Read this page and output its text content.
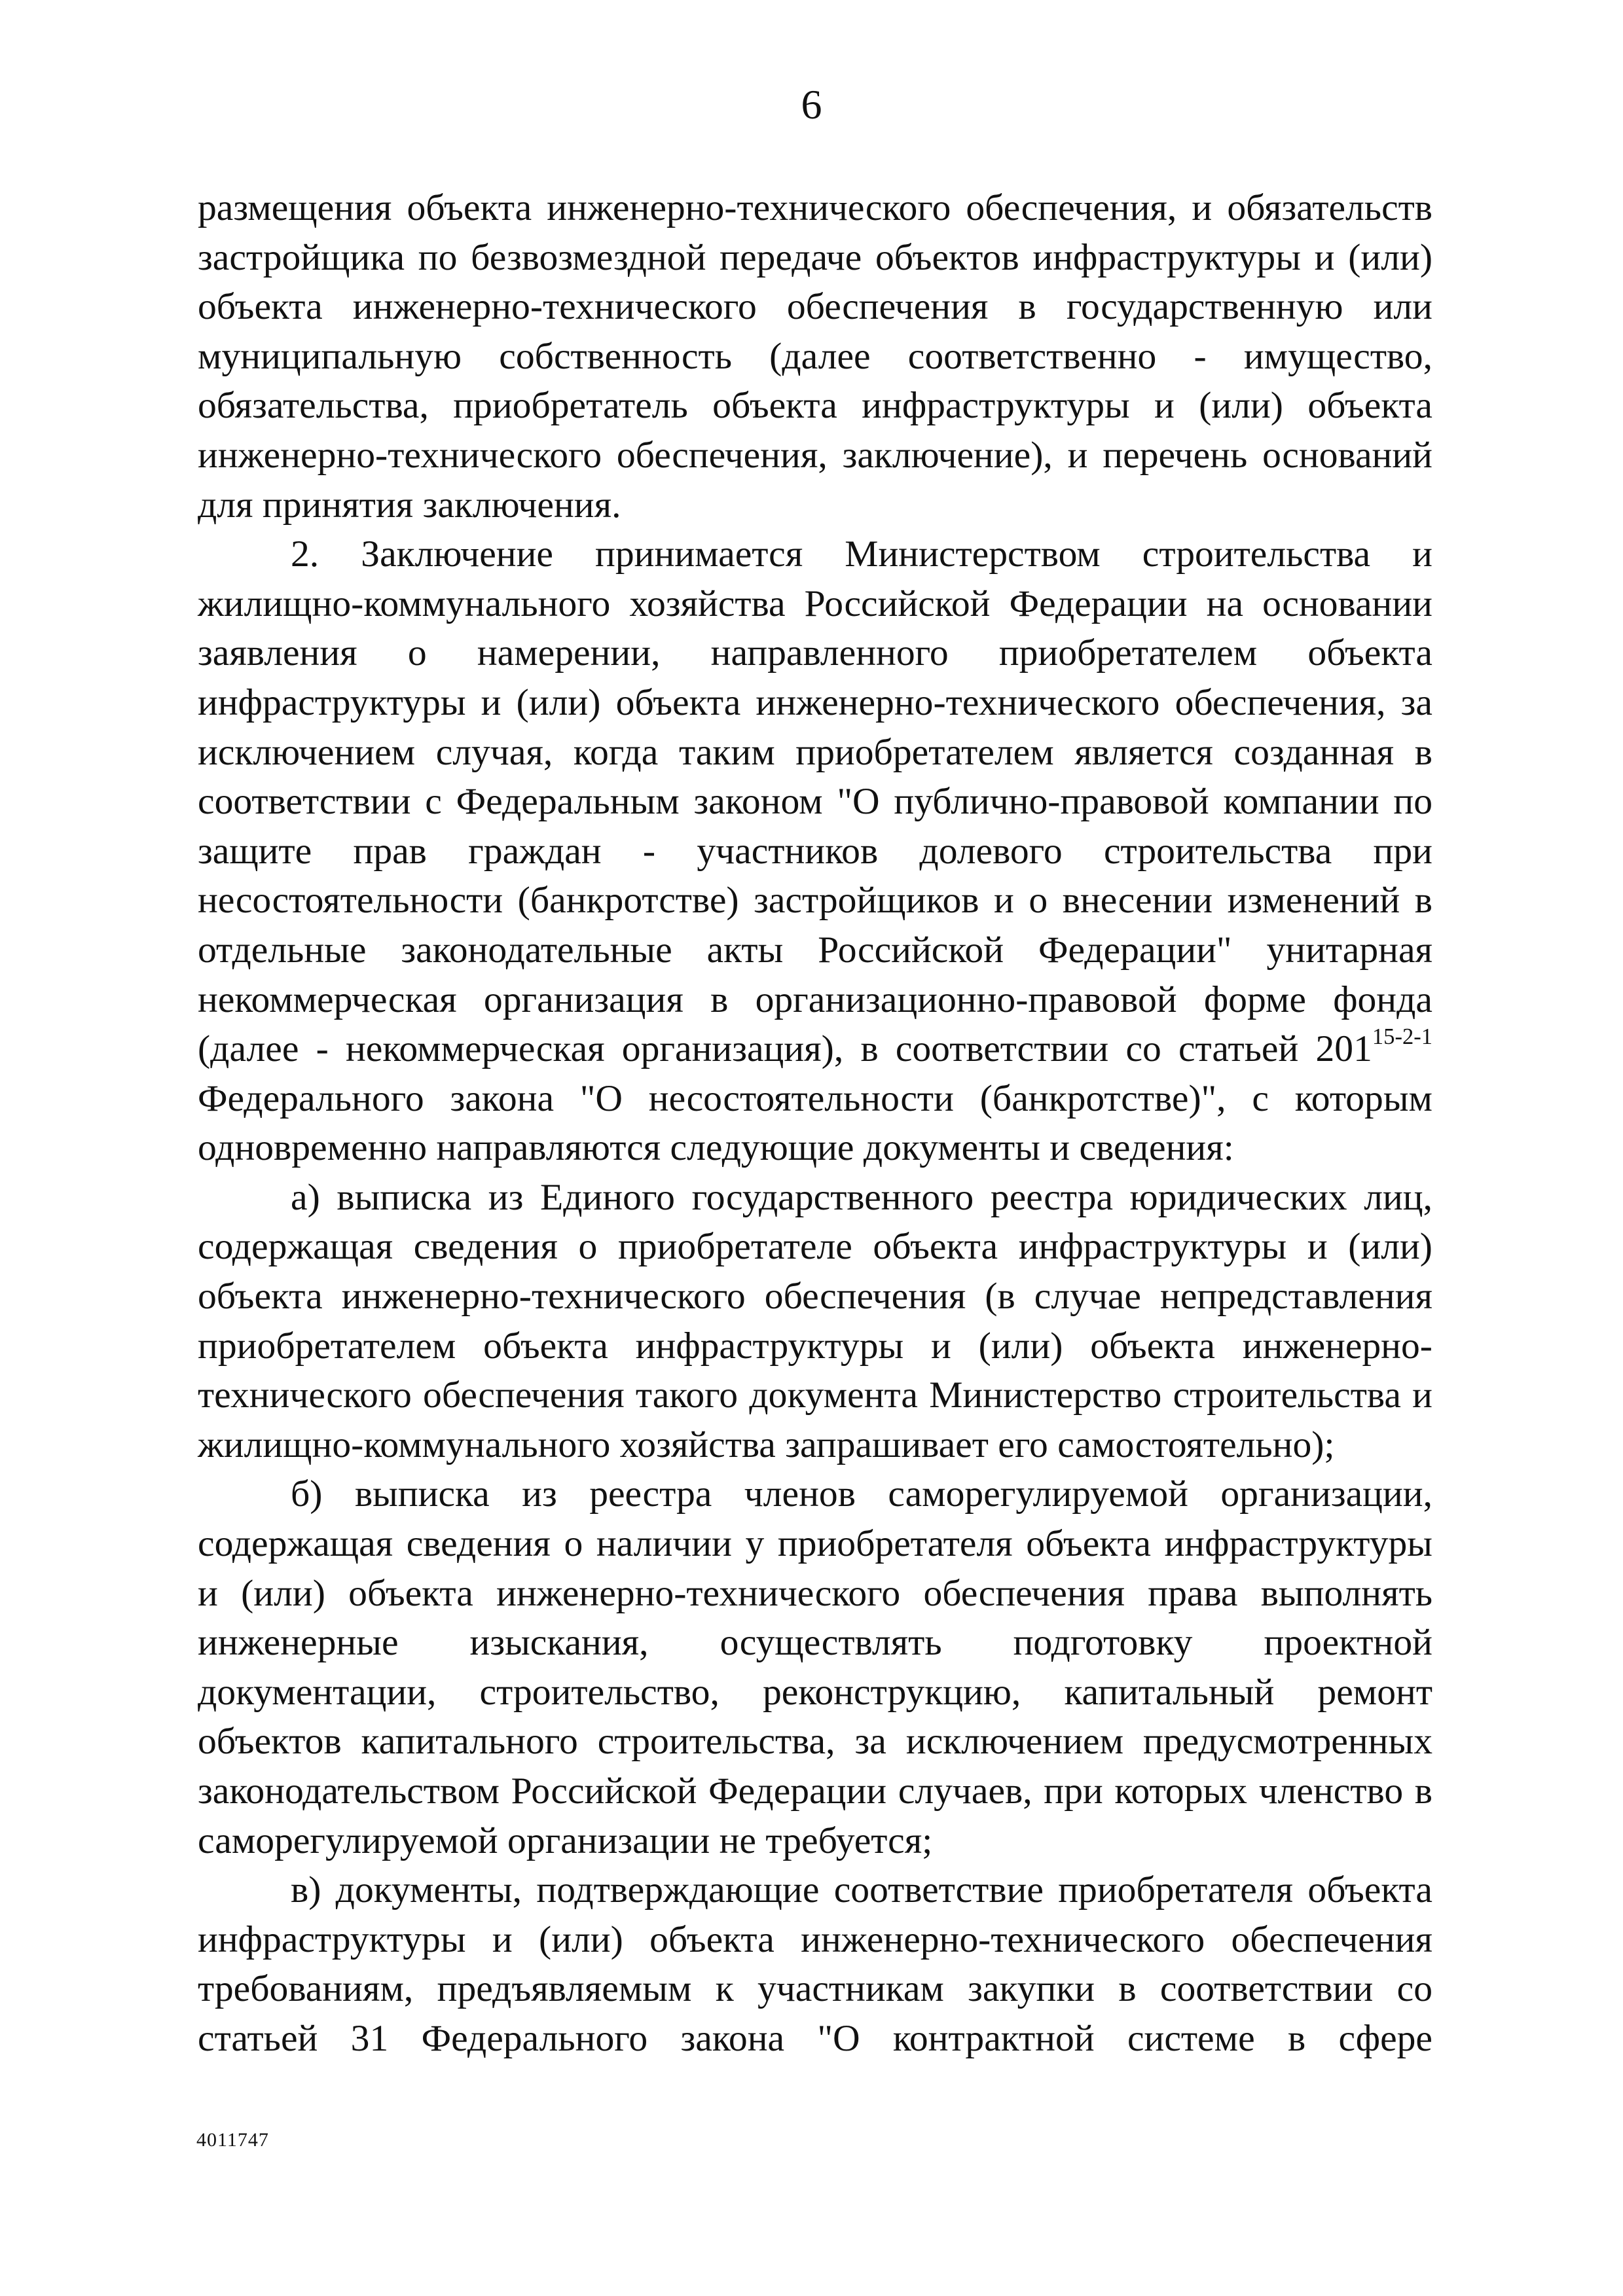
6

размещения объекта инженерно-технического обеспечения, и обязательств застройщика по безвозмездной передаче объектов инфраструктуры и (или) объекта инженерно-технического обеспечения в государственную или муниципальную собственность (далее соответственно - имущество, обязательства, приобретатель объекта инфраструктуры и (или) объекта инженерно-технического обеспечения, заключение), и перечень оснований для принятия заключения.

2. Заключение принимается Министерством строительства и жилищно-коммунального хозяйства Российской Федерации на основании заявления о намерении, направленного приобретателем объекта инфраструктуры и (или) объекта инженерно-технического обеспечения, за исключением случая, когда таким приобретателем является созданная в соответствии с Федеральным законом "О публично-правовой компании по защите прав граждан - участников долевого строительства при несостоятельности (банкротстве) застройщиков и о внесении изменений в отдельные законодательные акты Российской Федерации" унитарная некоммерческая организация в организационно-правовой форме фонда (далее - некоммерческая организация), в соответствии со статьей 201$^{15-2-1}$ Федерального закона "О несостоятельности (банкротстве)", с которым одновременно направляются следующие документы и сведения:

а) выписка из Единого государственного реестра юридических лиц, содержащая сведения о приобретателе объекта инфраструктуры и (или) объекта инженерно-технического обеспечения (в случае непредставления приобретателем объекта инфраструктуры и (или) объекта инженерно-технического обеспечения такого документа Министерство строительства и жилищно-коммунального хозяйства запрашивает его самостоятельно);

б) выписка из реестра членов саморегулируемой организации, содержащая сведения о наличии у приобретателя объекта инфраструктуры и (или) объекта инженерно-технического обеспечения права выполнять инженерные изыскания, осуществлять подготовку проектной документации, строительство, реконструкцию, капитальный ремонт объектов капитального строительства, за исключением предусмотренных законодательством Российской Федерации случаев, при которых членство в саморегулируемой организации не требуется;

в) документы, подтверждающие соответствие приобретателя объекта инфраструктуры и (или) объекта инженерно-технического обеспечения требованиям, предъявляемым к участникам закупки в соответствии со статьей 31 Федерального закона "О контрактной системе в сфере

4011747
